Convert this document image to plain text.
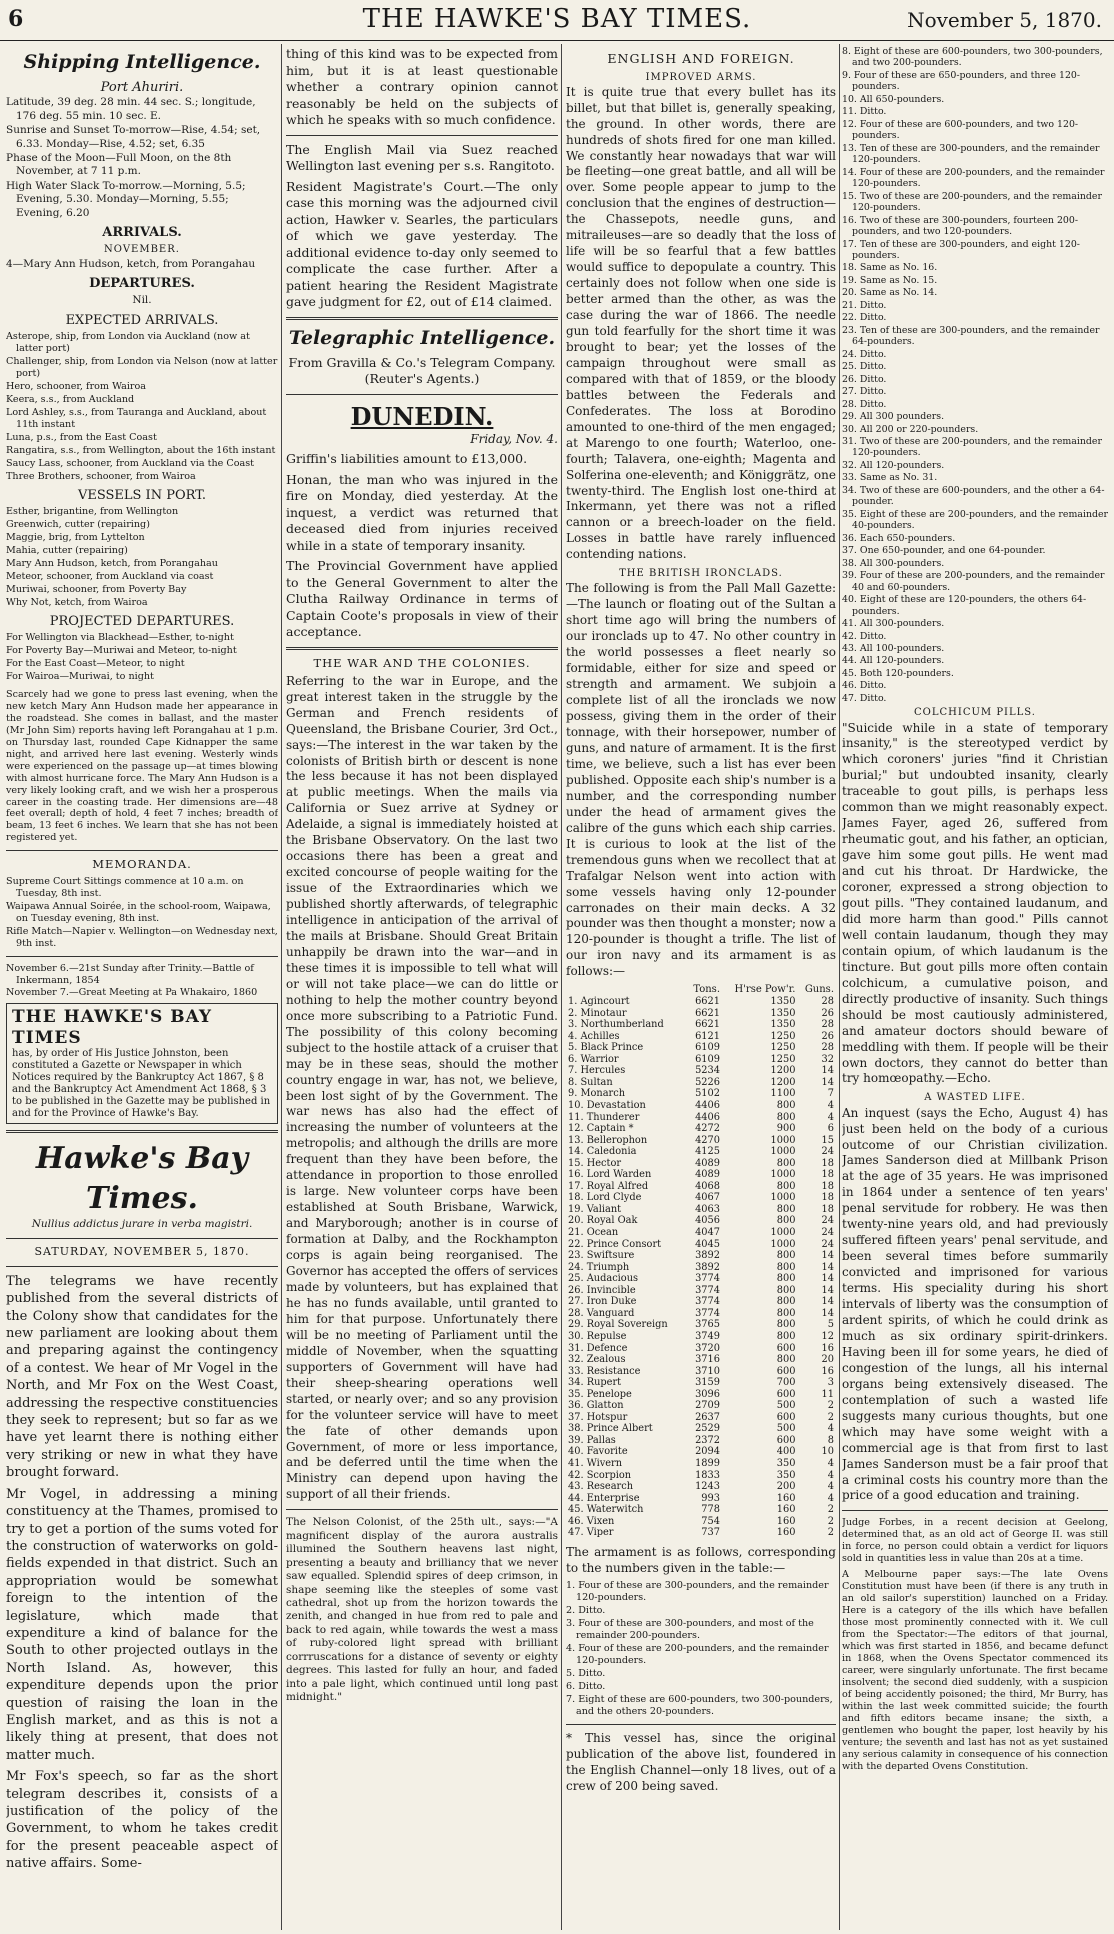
6	THE HAWKE'S BAY TIMES.	November 5, 1870.
Shipping Intelligence.
Port Ahuriri.
Latitude, 39 deg. 28 min. 44 sec. S.; longitude, 176 deg. 55 min. 10 sec. E.
Sunrise and Sunset To-morrow—Rise, 4.54; set, 6.33. Monday—Rise, 4.52; set, 6.35
Phase of the Moon—Full Moon, on the 8th November, at 7 11 p.m.
High Water Slack To-morrow.—Morning, 5.5; Evening, 5.30. Monday—Morning, 5.55; Evening, 6.20
ARRIVALS.
NOVEMBER.

4—Mary Ann Hudson, ketch, from Porangahau

DEPARTURES.

Nil.

EXPECTED ARRIVALS.
Asterope, ship, from London via Auckland (now at latter port)
Challenger, ship, from London via Nelson (now at latter port)
Hero, schooner, from Wairoa
Keera, s.s., from Auckland
Lord Ashley, s.s., from Tauranga and Auckland, about 11th instant
Luna, p.s., from the East Coast
Rangatira, s.s., from Wellington, about the 16th instant
Saucy Lass, schooner, from Auckland via the Coast
Three Brothers, schooner, from Wairoa
VESSELS IN PORT.
Esther, brigantine, from Wellington
Greenwich, cutter (repairing)
Maggie, brig, from Lyttelton
Mahia, cutter (repairing)
Mary Ann Hudson, ketch, from Porangahau
Meteor, schooner, from Auckland via coast
Muriwai, schooner, from Poverty Bay
Why Not, ketch, from Wairoa
PROJECTED DEPARTURES.
For Wellington via Blackhead—Esther, to-night
For Poverty Bay—Muriwai and Meteor, to-night
For the East Coast—Meteor, to night
For Wairoa—Muriwai, to night

Scarcely had we gone to press last evening, when the new ketch Mary Ann Hudson made her appearance in the roadstead. She comes in ballast, and the master (Mr John Sim) reports having left Porangahau at 1 p.m. on Thursday last, rounded Cape Kidnapper the same night, and arrived here last evening. Westerly winds were experienced on the passage up—at times blowing with almost hurricane force. The Mary Ann Hudson is a very likely looking craft, and we wish her a prosperous career in the coasting trade. Her dimensions are—48 feet overall; depth of hold, 4 feet 7 inches; breadth of beam, 13 feet 6 inches. We learn that she has not been registered yet.

MEMORANDA.
Supreme Court Sittings commence at 10 a.m. on Tuesday, 8th inst.
Waipawa Annual Soirée, in the school-room, Waipawa, on Tuesday evening, 8th inst.
Rifle Match—Napier v. Wellington—on Wednesday next, 9th inst.
November 6.—21st Sunday after Trinity.—Battle of Inkermann, 1854
November 7.—Great Meeting at Pa Whakairo, 1860
THE HAWKE'S BAY TIMES
has, by order of His Justice Johnston, been constituted a Gazette or Newspaper in which Notices required by the Bankruptcy Act 1867, § 8 and the Bankruptcy Act Amendment Act 1868, § 3 to be published in the Gazette may be published in and for the Province of Hawke's Bay.
Hawke's Bay Times.
Nullius addictus jurare in verba magistri.
SATURDAY, NOVEMBER 5, 1870.

The telegrams we have recently published from the several districts of the Colony show that candidates for the new parliament are looking about them and preparing against the contingency of a contest. We hear of Mr Vogel in the North, and Mr Fox on the West Coast, addressing the respective constituencies they seek to represent; but so far as we have yet learnt there is nothing either very striking or new in what they have brought forward.

Mr Vogel, in addressing a mining constituency at the Thames, promised to try to get a portion of the sums voted for the construction of waterworks on gold-fields expended in that district. Such an appropriation would be somewhat foreign to the intention of the legislature, which made that expenditure a kind of balance for the South to other projected outlays in the North Island. As, however, this expenditure depends upon the prior question of raising the loan in the English market, and as this is not a likely thing at present, that does not matter much.

Mr Fox's speech, so far as the short telegram describes it, consists of a justification of the policy of the Government, to whom he takes credit for the present peaceable aspect of native affairs. Some-

thing of this kind was to be expected from him, but it is at least questionable whether a contrary opinion cannot reasonably be held on the subjects of which he speaks with so much confidence.

The English Mail via Suez reached Wellington last evening per s.s. Rangitoto.

Resident Magistrate's Court.—The only case this morning was the adjourned civil action, Hawker v. Searles, the particulars of which we gave yesterday. The additional evidence to-day only seemed to complicate the case further. After a patient hearing the Resident Magistrate gave judgment for £2, out of £14 claimed.

Telegraphic Intelligence.

From Gravilla & Co.'s Telegram Company. (Reuter's Agents.)

DUNEDIN.
Friday, Nov. 4.

Griffin's liabilities amount to £13,000.

Honan, the man who was injured in the fire on Monday, died yesterday. At the inquest, a verdict was returned that deceased died from injuries received while in a state of temporary insanity.

The Provincial Government have applied to the General Government to alter the Clutha Railway Ordinance in terms of Captain Coote's proposals in view of their acceptance.

THE WAR AND THE COLONIES.

Referring to the war in Europe, and the great interest taken in the struggle by the German and French residents of Queensland, the Brisbane Courier, 3rd Oct., says:—The interest in the war taken by the colonists of British birth or descent is none the less because it has not been displayed at public meetings. When the mails via California or Suez arrive at Sydney or Adelaide, a signal is immediately hoisted at the Brisbane Observatory. On the last two occasions there has been a great and excited concourse of people waiting for the issue of the Extraordinaries which we published shortly afterwards, of telegraphic intelligence in anticipation of the arrival of the mails at Brisbane. Should Great Britain unhappily be drawn into the war—and in these times it is impossible to tell what will or will not take place—we can do little or nothing to help the mother country beyond once more subscribing to a Patriotic Fund. The possibility of this colony becoming subject to the hostile attack of a cruiser that may be in these seas, should the mother country engage in war, has not, we believe, been lost sight of by the Government. The war news has also had the effect of increasing the number of volunteers at the metropolis; and although the drills are more frequent than they have been before, the attendance in proportion to those enrolled is large. New volunteer corps have been established at South Brisbane, Warwick, and Maryborough; another is in course of formation at Dalby, and the Rockhampton corps is again being reorganised. The Governor has accepted the offers of services made by volunteers, but has explained that he has no funds available, until granted to him for that purpose. Unfortunately there will be no meeting of Parliament until the middle of November, when the squatting supporters of Government will have had their sheep-shearing operations well started, or nearly over; and so any provision for the volunteer service will have to meet the fate of other demands upon Government, of more or less importance, and be deferred until the time when the Ministry can depend upon having the support of all their friends.

The Nelson Colonist, of the 25th ult., says:—"A magnificent display of the aurora australis illumined the Southern heavens last night, presenting a beauty and brilliancy that we never saw equalled. Splendid spires of deep crimson, in shape seeming like the steeples of some vast cathedral, shot up from the horizon towards the zenith, and changed in hue from red to pale and back to red again, while towards the west a mass of ruby-colored light spread with brilliant corrruscations for a distance of seventy or eighty degrees. This lasted for fully an hour, and faded into a pale light, which continued until long past midnight."

ENGLISH AND FOREIGN.
IMPROVED ARMS.

It is quite true that every bullet has its billet, but that billet is, generally speaking, the ground. In other words, there are hundreds of shots fired for one man killed. We constantly hear nowadays that war will be fleeting—one great battle, and all will be over. Some people appear to jump to the conclusion that the engines of destruction—the Chassepots, needle guns, and mitraileuses—are so deadly that the loss of life will be so fearful that a few battles would suffice to depopulate a country. This certainly does not follow when one side is better armed than the other, as was the case during the war of 1866. The needle gun told fearfully for the short time it was brought to bear; yet the losses of the campaign throughout were small as compared with that of 1859, or the bloody battles between the Federals and Confederates. The loss at Borodino amounted to one-third of the men engaged; at Marengo to one fourth; Waterloo, one-fourth; Talavera, one-eighth; Magenta and Solferina one-eleventh; and Königgrätz, one twenty-third. The English lost one-third at Inkermann, yet there was not a rifled cannon or a breech-loader on the field. Losses in battle have rarely influenced contending nations.

THE BRITISH IRONCLADS.

The following is from the Pall Mall Gazette:—The launch or floating out of the Sultan a short time ago will bring the numbers of our ironclads up to 47. No other country in the world possesses a fleet nearly so formidable, either for size and speed or strength and armament. We subjoin a complete list of all the ironclads we now possess, giving them in the order of their tonnage, with their horsepower, number of guns, and nature of armament. It is the first time, we believe, such a list has ever been published. Opposite each ship's number is a number, and the corresponding number under the head of armament gives the calibre of the guns which each ship carries. It is curious to look at the list of the tremendous guns when we recollect that at Trafalgar Nelson went into action with some vessels having only 12-pounder carronades on their main decks. A 32 pounder was then thought a monster; now a 120-pounder is thought a trifle. The list of our iron navy and its armament is as follows:—

	Tons.	H'rse Pow'r.	Guns.
1. Agincourt	6621	1350	28
2. Minotaur	6621	1350	26
3. Northumberland	6621	1350	28
4. Achilles	6121	1250	26
5. Black Prince	6109	1250	28
6. Warrior	6109	1250	32
7. Hercules	5234	1200	14
8. Sultan	5226	1200	14
9. Monarch	5102	1100	7
10. Devastation	4406	800	4
11. Thunderer	4406	800	4
12. Captain *	4272	900	6
13. Bellerophon	4270	1000	15
14. Caledonia	4125	1000	24
15. Hector	4089	800	18
16. Lord Warden	4089	1000	18
17. Royal Alfred	4068	800	18
18. Lord Clyde	4067	1000	18
19. Valiant	4063	800	18
20. Royal Oak	4056	800	24
21. Ocean	4047	1000	24
22. Prince Consort	4045	1000	24
23. Swiftsure	3892	800	14
24. Triumph	3892	800	14
25. Audacious	3774	800	14
26. Invincible	3774	800	14
27. Iron Duke	3774	800	14
28. Vanguard	3774	800	14
29. Royal Sovereign	3765	800	5
30. Repulse	3749	800	12
31. Defence	3720	600	16
32. Zealous	3716	800	20
33. Resistance	3710	600	16
34. Rupert	3159	700	3
35. Penelope	3096	600	11
36. Glatton	2709	500	2
37. Hotspur	2637	600	2
38. Prince Albert	2529	500	4
39. Pallas	2372	600	8
40. Favorite	2094	400	10
41. Wivern	1899	350	4
42. Scorpion	1833	350	4
43. Research	1243	200	4
44. Enterprise	993	160	4
45. Waterwitch	778	160	2
46. Vixen	754	160	2
47. Viper	737	160	2

The armament is as follows, corresponding to the numbers given in the table:—

1. Four of these are 300-pounders, and the remainder 120-pounders.
2. Ditto.
3. Four of these are 300-pounders, and most of the remainder 200-pounders.
4. Four of these are 200-pounders, and the remainder 120-pounders.
5. Ditto.
6. Ditto.
7. Eight of these are 600-pounders, two 300-pounders, and the others 20-pounders.

* This vessel has, since the original publication of the above list, foundered in the English Channel—only 18 lives, out of a crew of 200 being saved.

8. Eight of these are 600-pounders, two 300-pounders, and two 200-pounders.
9. Four of these are 650-pounders, and three 120-pounders.
10. All 650-pounders.
11. Ditto.
12. Four of these are 600-pounders, and two 120-pounders.
13. Ten of these are 300-pounders, and the remainder 120-pounders.
14. Four of these are 200-pounders, and the remainder 120-pounders.
15. Two of these are 200-pounders, and the remainder 120-pounders.
16. Two of these are 300-pounders, fourteen 200-pounders, and two 120-pounders.
17. Ten of these are 300-pounders, and eight 120-pounders.
18. Same as No. 16.
19. Same as No. 15.
20. Same as No. 14.
21. Ditto.
22. Ditto.
23. Ten of these are 300-pounders, and the remainder 64-pounders.
24. Ditto.
25. Ditto.
26. Ditto.
27. Ditto.
28. Ditto.
29. All 300 pounders.
30. All 200 or 220-pounders.
31. Two of these are 200-pounders, and the remainder 120-pounders.
32. All 120-pounders.
33. Same as No. 31.
34. Two of these are 600-pounders, and the other a 64-pounder.
35. Eight of these are 200-pounders, and the remainder 40-pounders.
36. Each 650-pounders.
37. One 650-pounder, and one 64-pounder.
38. All 300-pounders.
39. Four of these are 200-pounders, and the remainder 40 and 60-pounders.
40. Eight of these are 120-pounders, the others 64-pounders.
41. All 300-pounders.
42. Ditto.
43. All 100-pounders.
44. All 120-pounders.
45. Both 120-pounders.
46. Ditto.
47. Ditto.
COLCHICUM PILLS.

"Suicide while in a state of temporary insanity," is the stereotyped verdict by which coroners' juries "find it Christian burial;" but undoubted insanity, clearly traceable to gout pills, is perhaps less common than we might reasonably expect. James Fayer, aged 26, suffered from rheumatic gout, and his father, an optician, gave him some gout pills. He went mad and cut his throat. Dr Hardwicke, the coroner, expressed a strong objection to gout pills. "They contained laudanum, and did more harm than good." Pills cannot well contain laudanum, though they may contain opium, of which laudanum is the tincture. But gout pills more often contain colchicum, a cumulative poison, and directly productive of insanity. Such things should be most cautiously administered, and amateur doctors should beware of meddling with them. If people will be their own doctors, they cannot do better than try homœopathy.—Echo.

A WASTED LIFE.

An inquest (says the Echo, August 4) has just been held on the body of a curious outcome of our Christian civilization. James Sanderson died at Millbank Prison at the age of 35 years. He was imprisoned in 1864 under a sentence of ten years' penal servitude for robbery. He was then twenty-nine years old, and had previously suffered fifteen years' penal servitude, and been several times before summarily convicted and imprisoned for various terms. His speciality during his short intervals of liberty was the consumption of ardent spirits, of which he could drink as much as six ordinary spirit-drinkers. Having been ill for some years, he died of congestion of the lungs, all his internal organs being extensively diseased. The contemplation of such a wasted life suggests many curious thoughts, but one which may have some weight with a commercial age is that from first to last James Sanderson must be a fair proof that a criminal costs his country more than the price of a good education and training.

Judge Forbes, in a recent decision at Geelong, determined that, as an old act of George II. was still in force, no person could obtain a verdict for liquors sold in quantities less in value than 20s at a time.

A Melbourne paper says:—The late Ovens Constitution must have been (if there is any truth in an old sailor's superstition) launched on a Friday. Here is a category of the ills which have befallen those most prominently connected with it. We cull from the Spectator:—The editors of that journal, which was first started in 1856, and became defunct in 1868, when the Ovens Spectator commenced its career, were singularly unfortunate. The first became insolvent; the second died suddenly, with a suspicion of being accidently poisoned; the third, Mr Burry, has within the last week committed suicide; the fourth and fifth editors became insane; the sixth, a gentlemen who bought the paper, lost heavily by his venture; the seventh and last has not as yet sustained any serious calamity in consequence of his connection with the departed Ovens Constitution.
